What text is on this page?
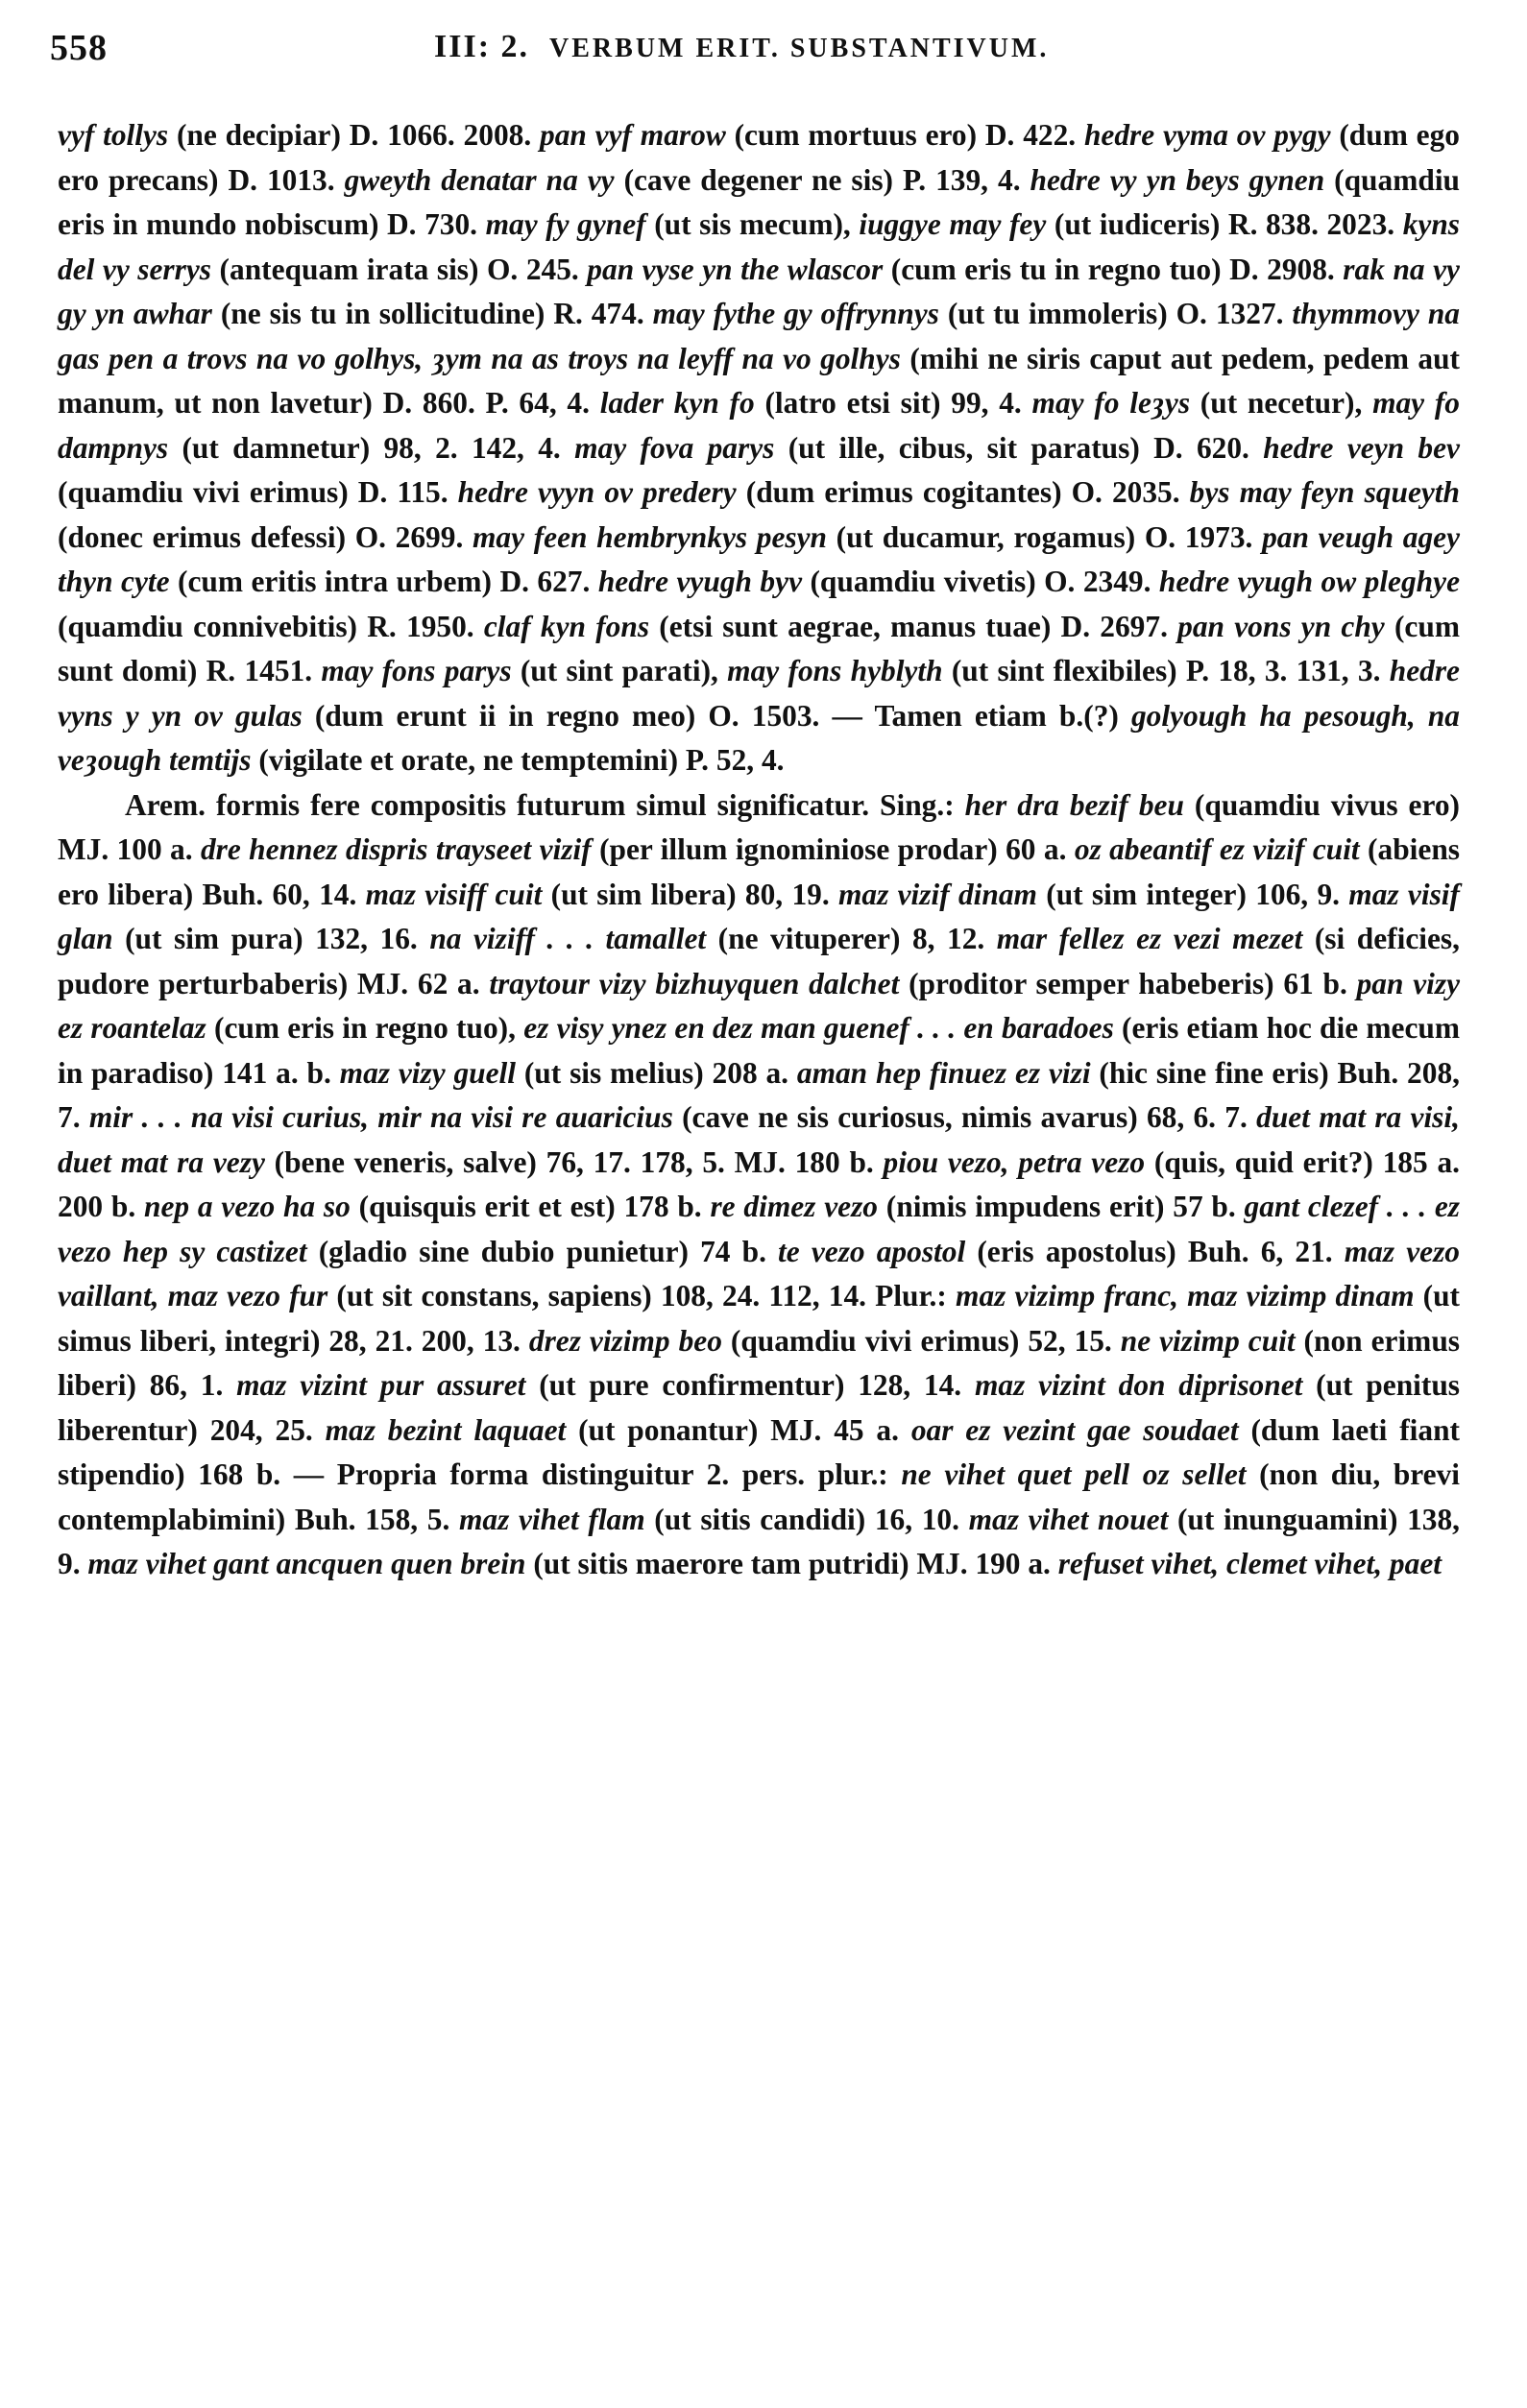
558	III: 2. VERBUM ERIT. SUBSTANTIVUM.

vyf tollys (ne decipiar) D. 1066. 2008. pan vyf marow (cum mortuus ero) D. 422. hedre vyma ov pygy (dum ego ero precans) D. 1013. gweyth denatar na vy (cave degener ne sis) P. 139, 4. hedre vy yn beys gynen (quamdiu eris in mundo nobiscum) D. 730. may fy gynef (ut sis mecum), iuggye may fey (ut iudiceris) R. 838. 2023. kyns del vy serrys (antequam irata sis) O. 245. pan vyse yn the wlascor (cum eris tu in regno tuo) D. 2908. rak na vy gy yn awhar (ne sis tu in sollicitudine) R. 474. may fythe gy offrynnys (ut tu immoleris) O. 1327. thymmovy na gas pen a trovs na vo golhys, ȝym na as troys na leyff na vo golhys (mihi ne siris caput aut pedem, pedem aut manum, ut non lavetur) D. 860. P. 64, 4. lader kyn fo (latro etsi sit) 99, 4. may fo leȝys (ut necetur), may fo dampnys (ut damnetur) 98, 2. 142, 4. may fova parys (ut ille, cibus, sit paratus) D. 620. hedre veyn bev (quamdiu vivi erimus) D. 115. hedre vyyn ov predery (dum erimus cogitantes) O. 2035. bys may feyn squeyth (donec erimus defessi) O. 2699. may feen hembrynkys pesyn (ut ducamur, rogamus) O. 1973. pan veugh agey thyn cyte (cum eritis intra urbem) D. 627. hedre vyugh byv (quamdiu vivetis) O. 2349. hedre vyugh ow pleghye (quamdiu connivebitis) R. 1950. claf kyn fons (etsi sunt aegrae, manus tuae) D. 2697. pan vons yn chy (cum sunt domi) R. 1451. may fons parys (ut sint parati), may fons hyblyth (ut sint flexibiles) P. 18, 3. 131, 3. hedre vyns y yn ov gulas (dum erunt ii in regno meo) O. 1503. — Tamen etiam b.(?) golyough ha pesough, na veȝough temtijs (vigilate et orate, ne temptemini) P. 52, 4.

Arem. formis fere compositis futurum simul significatur. Sing.: her dra bezif beu (quamdiu vivus ero) MJ. 100 a. dre hennez dispris trayseet vizif (per illum ignominiose prodar) 60 a. oz abeantif ez vizif cuit (abiens ero libera) Buh. 60, 14. maz visiff cuit (ut sim libera) 80, 19. maz vizif dinam (ut sim integer) 106, 9. maz visif glan (ut sim pura) 132, 16. na viziff . . . tamallet (ne vituperer) 8, 12. mar fellez ez vezi mezet (si deficies, pudore perturbaberis) MJ. 62 a. traytour vizy bizhuyquen dalchet (proditor semper habeberis) 61 b. pan vizy ez roantelaz (cum eris in regno tuo), ez visy ynez en dez man guenef . . . en baradoes (eris etiam hoc die mecum in paradiso) 141 a. b. maz vizy guell (ut sis melius) 208 a. aman hep finuez ez vizi (hic sine fine eris) Buh. 208, 7. mir . . . na visi curius, mir na visi re auaricius (cave ne sis curiosus, nimis avarus) 68, 6. 7. duet mat ra visi, duet mat ra vezy (bene veneris, salve) 76, 17. 178, 5. MJ. 180 b. piou vezo, petra vezo (quis, quid erit?) 185 a. 200 b. nep a vezo ha so (quisquis erit et est) 178 b. re dimez vezo (nimis impudens erit) 57 b. gant clezef . . . ez vezo hep sy castizet (gladio sine dubio punietur) 74 b. te vezo apostol (eris apostolus) Buh. 6, 21. maz vezo vaillant, maz vezo fur (ut sit constans, sapiens) 108, 24. 112, 14. Plur.: maz vizimp franc, maz vizimp dinam (ut simus liberi, integri) 28, 21. 200, 13. drez vizimp beo (quamdiu vivi erimus) 52, 15. ne vizimp cuit (non erimus liberi) 86, 1. maz vizint pur assuret (ut pure confirmentur) 128, 14. maz vizint don diprisonet (ut penitus liberentur) 204, 25. maz bezint laquaet (ut ponantur) MJ. 45 a. oar ez vezint gae soudaet (dum laeti fiant stipendio) 168 b. — Propria forma distinguitur 2. pers. plur.: ne vihet quet pell oz sellet (non diu, brevi contemplabimini) Buh. 158, 5. maz vihet flam (ut sitis candidi) 16, 10. maz vihet nouet (ut inunguamini) 138, 9. maz vihet gant ancquen quen brein (ut sitis maerore tam putridi) MJ. 190 a. refuset vihet, clemet vihet, paet
